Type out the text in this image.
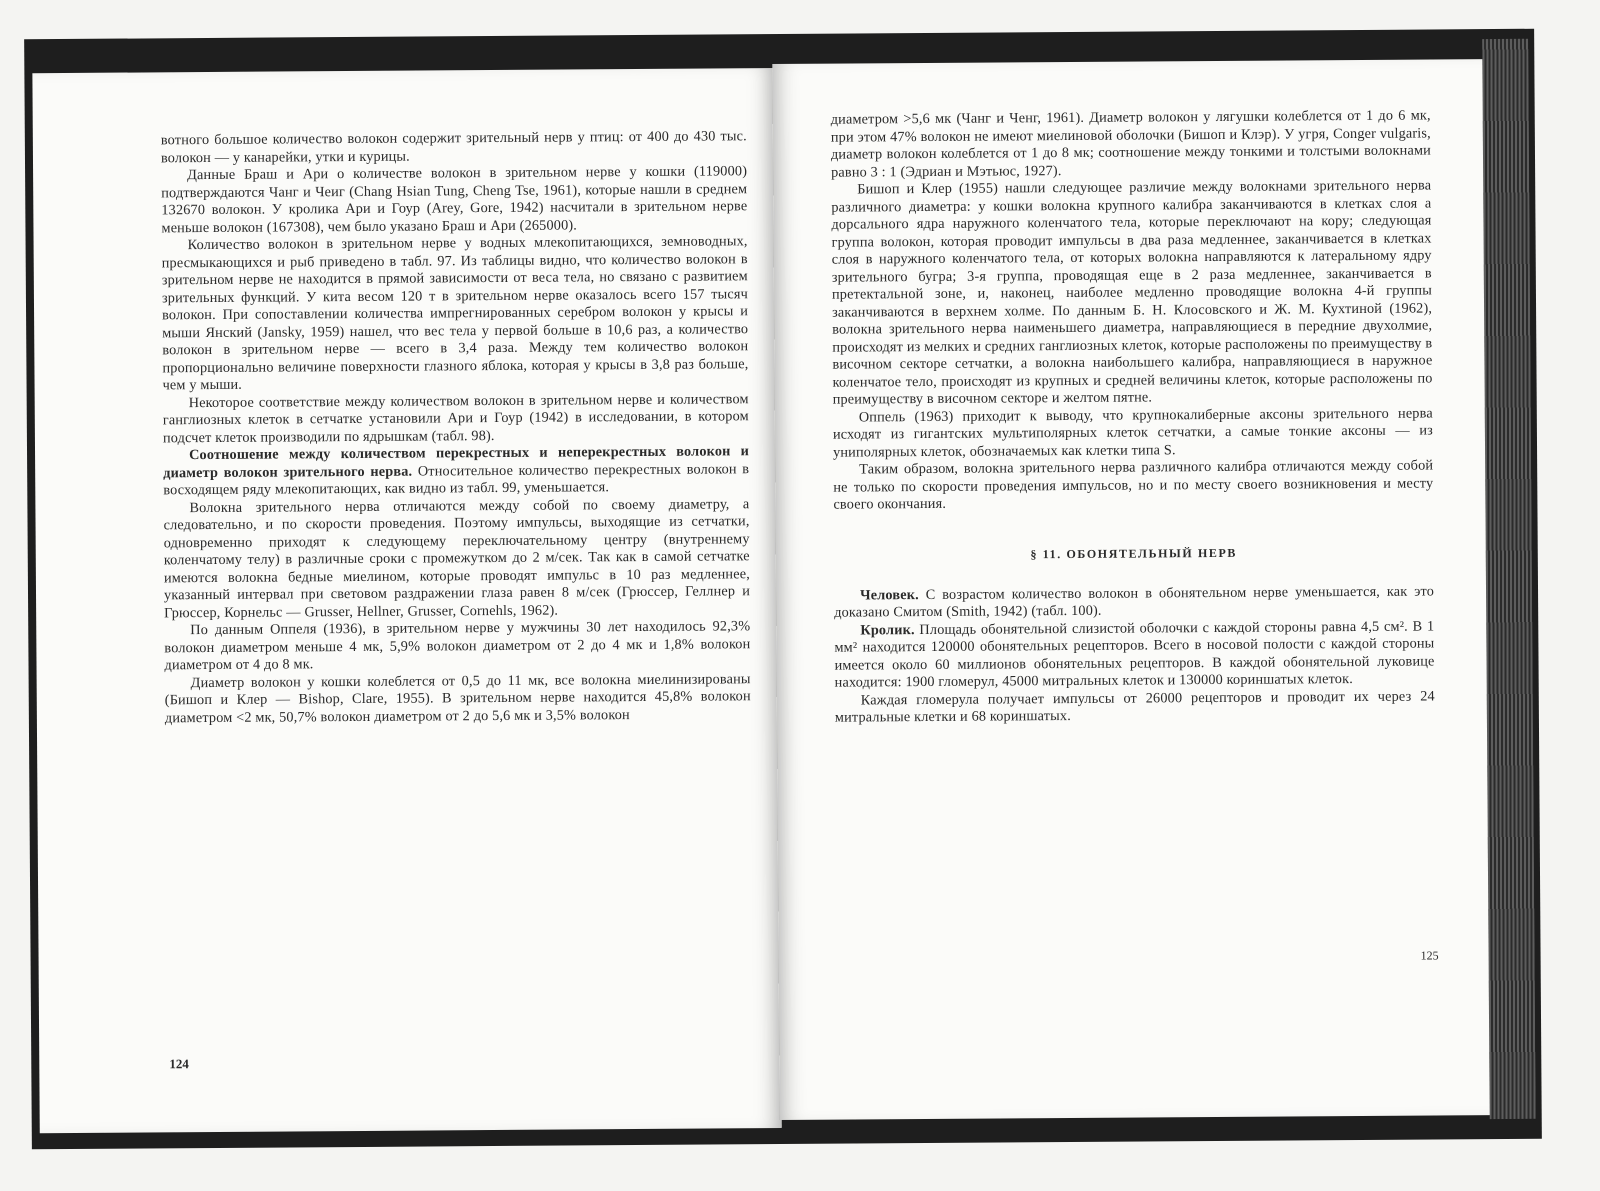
вотного большое количество волокон содержит зрительный нерв у птиц: от 400 до 430 тыс. волокон — у канарейки, утки и курицы.

Данные Браш и Ари о количестве волокон в зрительном нерве у кошки (119000) подтверждаются Чанг и Чеиг (Chang Hsian Tung, Cheng Tse, 1961), которые нашли в среднем 132670 волокон. У кролика Ари и Гоур (Arey, Gore, 1942) насчитали в зрительном нерве меньше волокон (167308), чем было указано Браш и Ари (265000).

Количество волокон в зрительном нерве у водных млекопитающихся, земноводных, пресмыкающихся и рыб приведено в табл. 97. Из таблицы видно, что количество волокон в зрительном нерве не находится в прямой зависимости от веса тела, но связано с развитием зрительных функций. У кита весом 120 т в зрительном нерве оказалось всего 157 тысяч волокон. При сопоставлении количества импрегнированных серебром волокон у крысы и мыши Янский (Jansky, 1959) нашел, что вес тела у первой больше в 10,6 раз, а количество волокон в зрительном нерве — всего в 3,4 раза. Между тем количество волокон пропорционально величине поверхности глазного яблока, которая у крысы в 3,8 раз больше, чем у мыши.

Некоторое соответствие между количеством волокон в зрительном нерве и количеством ганглиозных клеток в сетчатке установили Ари и Гоур (1942) в исследовании, в котором подсчет клеток производили по ядрышкам (табл. 98).

Соотношение между количеством перекрестных и неперекрестных волокон и диаметр волокон зрительного нерва. Относительное количество перекрестных волокон в восходящем ряду млекопитающих, как видно из табл. 99, уменьшается.

Волокна зрительного нерва отличаются между собой по своему диаметру, а следовательно, и по скорости проведения. Поэтому импульсы, выходящие из сетчатки, одновременно приходят к следующему переключательному центру (внутреннему коленчатому телу) в различные сроки с промежутком до 2 м/сек. Так как в самой сетчатке имеются волокна бедные миелином, которые проводят импульс в 10 раз медленнее, указанный интервал при световом раздражении глаза равен 8 м/сек (Грюссер, Геллнер и Грюссер, Корнельс — Grusser, Hellner, Grusser, Cornehls, 1962).

По данным Оппеля (1936), в зрительном нерве у мужчины 30 лет находилось 92,3% волокон диаметром меньше 4 мк, 5,9% волокон диаметром от 2 до 4 мк и 1,8% волокон диаметром от 4 до 8 мк.

Диаметр волокон у кошки колеблется от 0,5 до 11 мк, все волокна миелинизированы (Бишоп и Клер — Bishop, Clare, 1955). В зрительном нерве находится 45,8% волокон диаметром <2 мк, 50,7% волокон диаметром от 2 до 5,6 мк и 3,5% волокон

124

диаметром >5,6 мк (Чанг и Ченг, 1961). Диаметр волокон у лягушки колеблется от 1 до 6 мк, при этом 47% волокон не имеют миелиновой оболочки (Бишоп и Клэр). У угря, Conger vulgaris, диаметр волокон колеблется от 1 до 8 мк; соотношение между тонкими и толстыми волокнами равно 3 : 1 (Эдриан и Мэтьюс, 1927).

Бишоп и Клер (1955) нашли следующее различие между волокнами зрительного нерва различного диаметра: у кошки волокна крупного калибра заканчиваются в клетках слоя a дорсального ядра наружного коленчатого тела, которые переключают на кору; следующая группа волокон, которая проводит импульсы в два раза медленнее, заканчивается в клетках слоя в наружного коленчатого тела, от которых волокна направляются к латеральному ядру зрительного бугра; 3-я группа, проводящая еще в 2 раза медленнее, заканчивается в претектальной зоне, и, наконец, наиболее медленно проводящие волокна 4-й группы заканчиваются в верхнем холме. По данным Б. Н. Клосовского и Ж. М. Кухтиной (1962), волокна зрительного нерва наименьшего диаметра, направляющиеся в передние двухолмие, происходят из мелких и средних ганглиозных клеток, которые расположены по преимуществу в височном секторе сетчатки, а волокна наибольшего калибра, направляющиеся в наружное коленчатое тело, происходят из крупных и средней величины клеток, которые расположены по преимуществу в височном секторе и желтом пятне.

Оппель (1963) приходит к выводу, что крупнокалиберные аксоны зрительного нерва исходят из гигантских мультиполярных клеток сетчатки, а самые тонкие аксоны — из униполярных клеток, обозначаемых как клетки типа S.

Таким образом, волокна зрительного нерва различного калибра отличаются между собой не только по скорости проведения импульсов, но и по месту своего возникновения и месту своего окончания.

§ 11. ОБОНЯТЕЛЬНЫЙ НЕРВ

Человек. С возрастом количество волокон в обонятельном нерве уменьшается, как это доказано Смитом (Smith, 1942) (табл. 100).

Кролик. Площадь обонятельной слизистой оболочки с каждой стороны равна 4,5 см². В 1 мм² находится 120000 обонятельных рецепторов. Всего в носовой полости с каждой стороны имеется около 60 миллионов обонятельных рецепторов. В каждой обонятельной луковице находится: 1900 гломерул, 45000 митральных клеток и 130000 кориншатых клеток.

Каждая гломерула получает импульсы от 26000 рецепторов и проводит их через 24 митральные клетки и 68 кориншатых.

125
